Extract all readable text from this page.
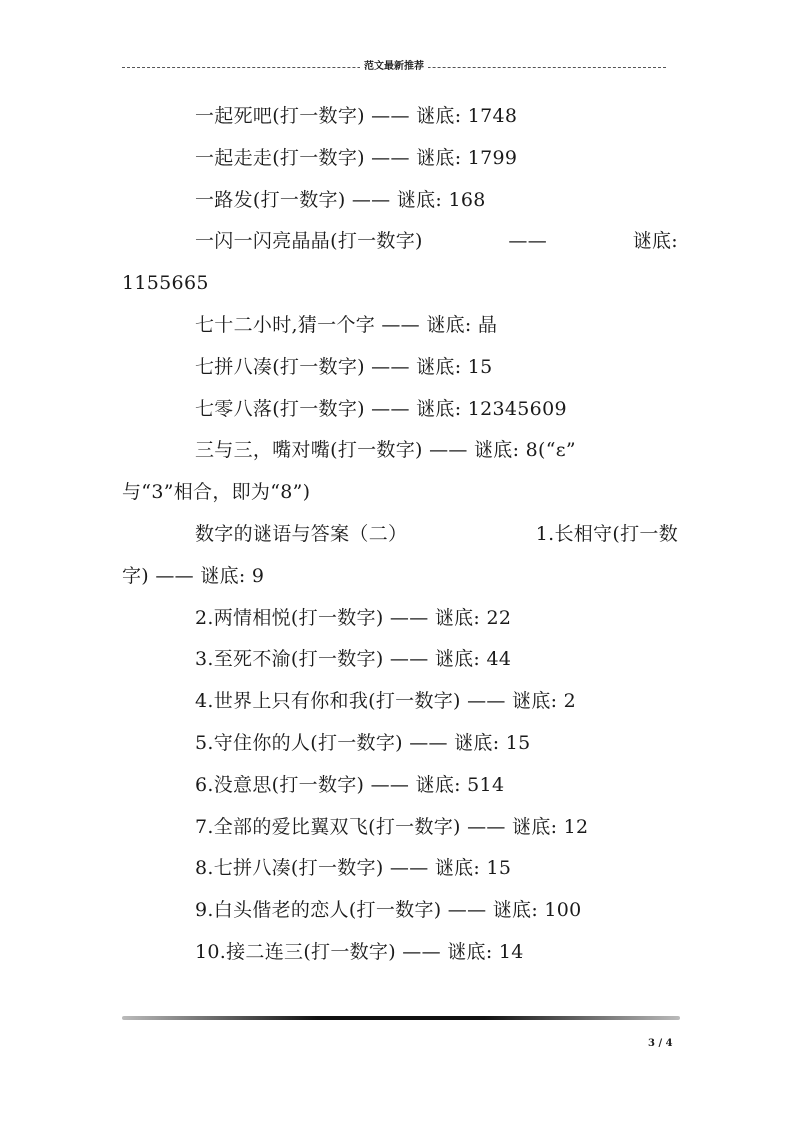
范文最新推荐
一起死吧(打一数字) —— 谜底: 1748
一起走走(打一数字) —— 谜底: 1799
一路发(打一数字) —— 谜底: 168
一闪一闪亮晶晶(打一数字)	——	谜底:
1155665
七十二小时,猜一个字 —— 谜底: 晶
七拼八凑(打一数字) —— 谜底: 15
七零八落(打一数字) —— 谜底: 12345609
三与三，嘴对嘴(打一数字) —— 谜底: 8(“ε”
与“3”相合，即为“8”)
数字的谜语与答案（二）	1.长相守(打一数
字) —— 谜底: 9
2.两情相悦(打一数字) —— 谜底: 22
3.至死不渝(打一数字) —— 谜底: 44
4.世界上只有你和我(打一数字) —— 谜底: 2
5.守住你的人(打一数字) —— 谜底: 15
6.没意思(打一数字) —— 谜底: 514
7.全部的爱比翼双飞(打一数字) —— 谜底: 12
8.七拼八凑(打一数字) —— 谜底: 15
9.白头偕老的恋人(打一数字) —— 谜底: 100
10.接二连三(打一数字) —— 谜底: 14
3 / 4
